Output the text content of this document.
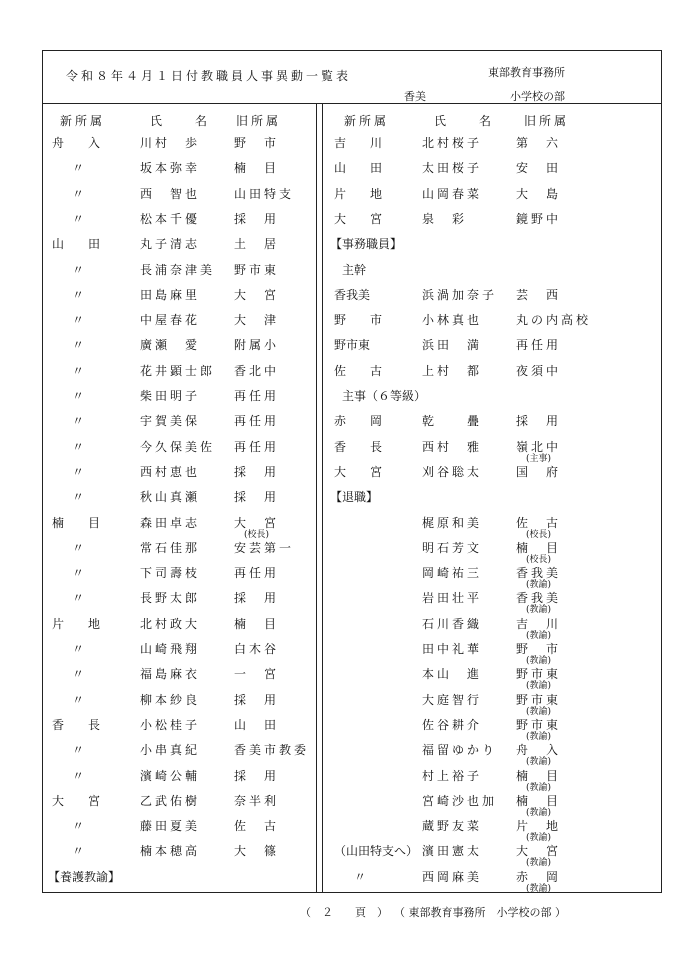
令和８年４月１日付教職員人事異動一覧表	東部教育事務所
香美	小学校の部
新所属	氏　　名 旧所属	新所属	氏　　名 旧所属
舟　　入	川村　歩	野　市
〃	坂本弥幸	楠　目
〃	西　智也	山田特支
〃	松本千優	採　用
山　　田	丸子清志	土　居
〃	長浦奈津美 野市東
〃	田島麻里	大　宮
〃	中屋春花	大　津
〃	廣瀬　愛	附属小
〃	花井顕士郎 香北中
〃	柴田明子	再任用
〃	宇賀美保	再任用
〃	今久保美佐 再任用
〃	西村恵也	採　用
〃	秋山真瀬	採　用
楠　　目	森田卓志	大　宮
(校長)
〃	常石佳那	安芸第一
〃	下司壽枝	再任用
〃	長野太郎	採　用
片　　地	北村政大	楠　目
〃	山崎飛翔	白木谷
〃	福島麻衣	一　宮
〃	柳本紗良	採　用
香　　長	小松桂子	山　田
〃	小串真紀	香美市教委
〃	濱崎公輔	採　用
大　　宮	乙武佑樹	奈半利
〃	藤田夏美	佐　古
〃	楠本穂高	大　篠
【養護教諭】
吉　　川	北村桜子	第　六
山　　田	太田桜子	安　田
片　　地	山岡春菜	大　島
大　　宮	泉　彩	鏡野中
【事務職員】
　主幹
香我美	浜渦加奈子 芸　西
野　　市	小林真也	丸の内高校
野市東	浜田　満	再任用
佐　　古	上村　都	夜須中
　主事（６等級）
赤　　岡	乾　　疊	採　用
香　　長	西村　雅	嶺北中
(主事)
大　　宮	刈谷聡太	国　府
【退職】
梶原和美	佐　古
(校長)
明石芳文	楠　目
(校長)
岡崎祐三	香我美
(教諭)
岩田壮平	香我美
(教諭)
石川香織	吉　川
(教諭)
田中礼華	野　市
(教諭)
本山　進	野市東
(教諭)
大庭智行	野市東
(教諭)
佐谷耕介	野市東
(教諭)
福留ゆかり 舟　入
(教諭)
村上裕子	楠　目
(教諭)
宮崎沙也加 楠　目
(教諭)
蔵野友菜	片　地
(教諭)
（山田特支へ） 濱田憲太	大　宮
(教諭)
〃	西岡麻美	赤　岡
(教諭)
（　２　　頁　） （ 東部教育事務所　小学校の部 ）
